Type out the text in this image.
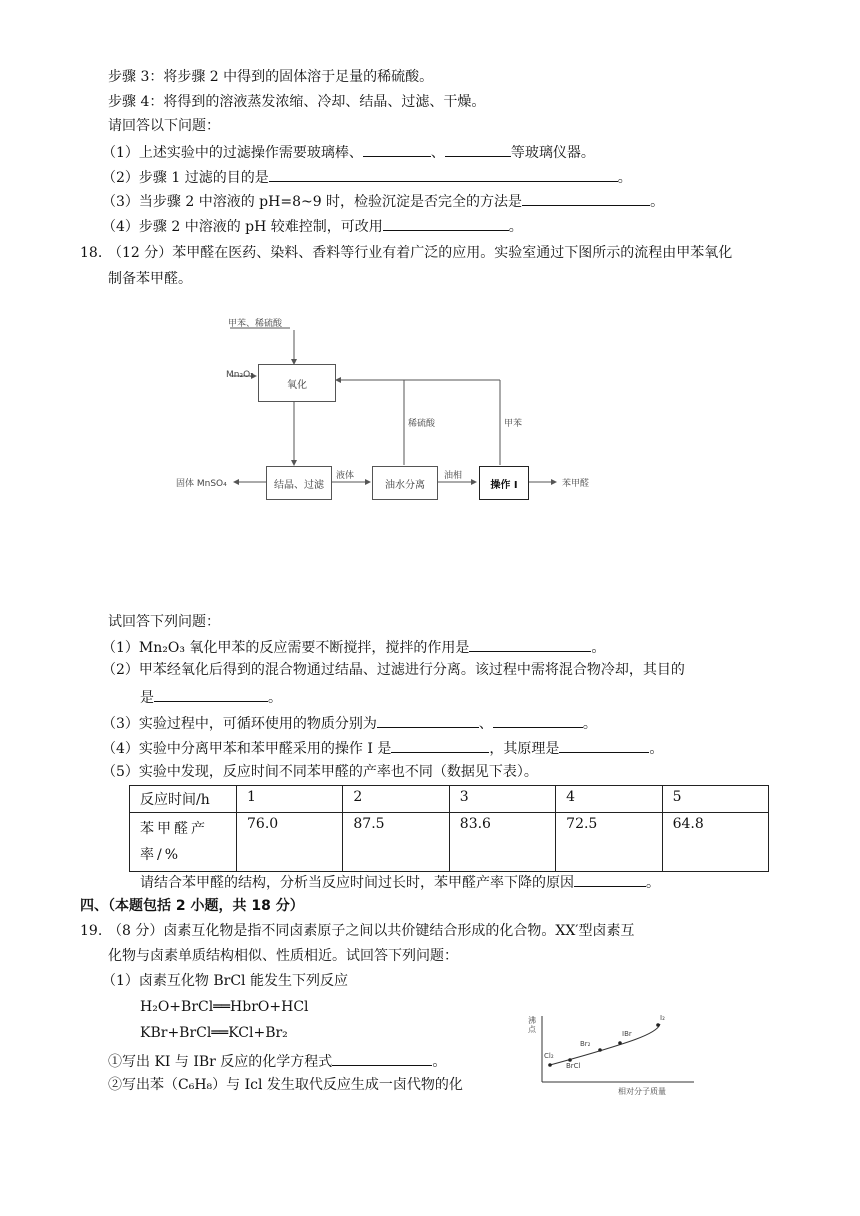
步骤 3：将步骤 2 中得到的固体溶于足量的稀硫酸。
步骤 4：将得到的溶液蒸发浓缩、冷却、结晶、过滤、干燥。
请回答以下问题：
（1）上述实验中的过滤操作需要玻璃棒、	、	等玻璃仪器。
（2）步骤 1 过滤的目的是	。
（3）当步骤 2 中溶液的 pH=8~9 时，检验沉淀是否完全的方法是	。
（4）步骤 2 中溶液的 pH 较难控制，可改用	。
18. （12 分）苯甲醛在医药、染料、香料等行业有着广泛的应用。实验室通过下图所示的流程由甲苯氧化
制备苯甲醛。
甲苯、稀硫酸
Mn₂O₃
氧化
结晶、过滤	油水分离	操作 I
固体 MnSO₄	苯甲醛
液体	油相
稀硫酸	甲苯
试回答下列问题：
（1）Mn₂O₃ 氧化甲苯的反应需要不断搅拌，搅拌的作用是	。
（2）甲苯经氧化后得到的混合物通过结晶、过滤进行分离。该过程中需将混合物冷却，其目的
是	。
（3）实验过程中，可循环使用的物质分别为	、	。
（4）实验中分离甲苯和苯甲醛采用的操作 I 是	，其原理是	。
（5）实验中发现，反应时间不同苯甲醛的产率也不同（数据见下表）。
反应时间/h	1	2	3	4	5
苯甲醛产率/%	76.0	87.5	83.6	72.5	64.8
请结合苯甲醛的结构，分析当反应时间过长时，苯甲醛产率下降的原因	。
四、（本题包括 2 小题，共 18 分）
19. （8 分）卤素互化物是指不同卤素原子之间以共价键结合形成的化合物。XX′型卤素互
化物与卤素单质结构相似、性质相近。试回答下列问题：
（1）卤素互化物 BrCl 能发生下列反应
H₂O+BrCl══HbrO+HCl
KBr+BrCl══KCl+Br₂
①写出 KI 与 IBr 反应的化学方程式	。
②写出苯（C₆H₈）与 Icl 发生取代反应生成一卤代物的化
沸点
相对分子质量
Cl₂
BrCl
Br₂
IBr
I₂
